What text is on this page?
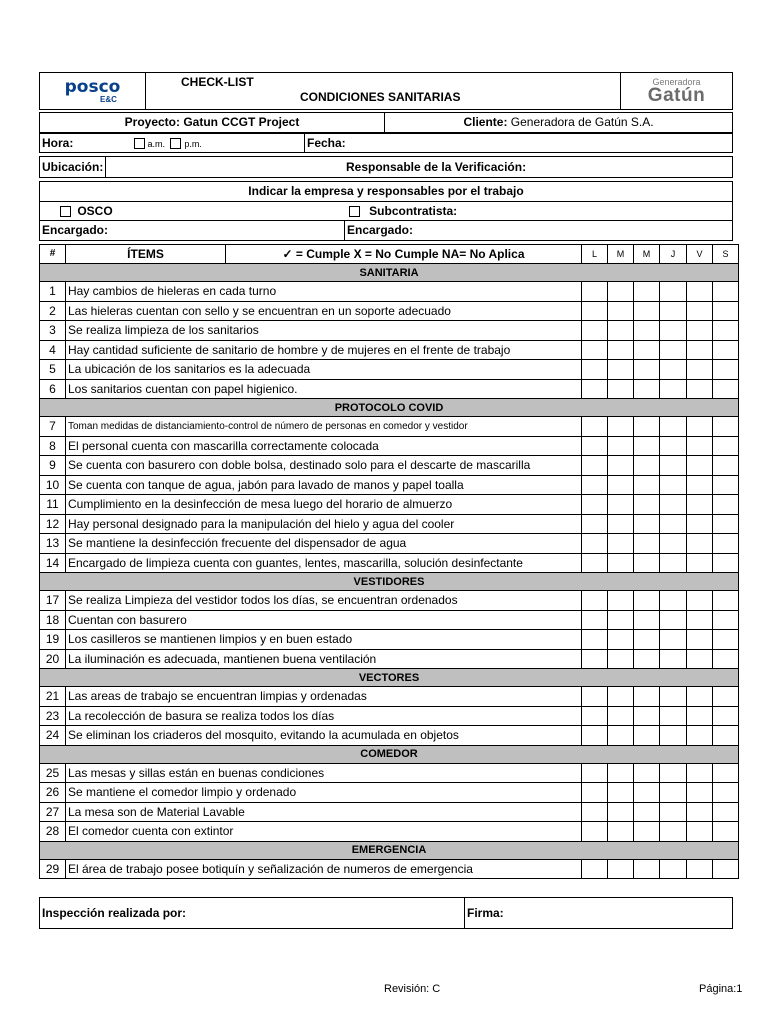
posco
E&C

CHECK-LIST
CONDICIONES SANITARIAS

Generadora
Gatún
Proyecto: Gatun CCGT Project	Cliente: Generadora de Gatún S.A.
Hora:	a.m. p.m.	Fecha:
Ubicación:	Responsable de la Verificación:
Indicar la empresa y responsables por el trabajo	
OSCO	Subcontratista:
Encargado:	Encargado:
#	ÍTEMS	✓ = Cumple X = No Cumple NA= No Aplica	L	M	M	J	V	S
SANITARIA								
1	Hay cambios de hieleras en cada turno							
2	Las hieleras cuentan con sello y se encuentran en un soporte adecuado							
3	Se realiza limpieza de los sanitarios							
4	Hay cantidad suficiente de sanitario de hombre y de mujeres en el frente de trabajo							
5	La ubicación de los sanitarios es la adecuada							
6	Los sanitarios cuentan con papel higienico.							
PROTOCOLO COVID								
7	Toman medidas de distanciamiento-control de número de personas en comedor y vestidor							
8	El personal cuenta con mascarilla correctamente colocada							
9	Se cuenta con basurero con doble bolsa, destinado solo para el descarte de mascarilla							
10	Se cuenta con tanque de agua, jabón para lavado de manos y papel toalla							
11	Cumplimiento en la desinfección de mesa luego del horario de almuerzo							
12	Hay personal designado para la manipulación del hielo y agua del cooler							
13	Se mantiene la desinfección frecuente del dispensador de agua							
14	Encargado de limpieza cuenta con guantes, lentes, mascarilla, solución desinfectante							
VESTIDORES								
17	Se realiza Limpieza del vestidor todos los días, se encuentran ordenados							
18	Cuentan con basurero							
19	Los casilleros se mantienen limpios y en buen estado							
20	La iluminación es adecuada, mantienen buena ventilación							
VECTORES								
21	Las areas de trabajo se encuentran limpias y ordenadas							
23	La recolección de basura se realiza todos los días							
24	Se eliminan los criaderos del mosquito, evitando la acumulada en objetos							
COMEDOR								
25	Las mesas y sillas están en buenas condiciones							
26	Se mantiene el comedor limpio y ordenado							
27	La mesa son de Material Lavable							
28	El comedor cuenta con extintor							
EMERGENCIA								
29	El área de trabajo posee botiquín y señalización de numeros de emergencia							
Inspección realizada por:	Firma:
Revisión: C	Página:1
